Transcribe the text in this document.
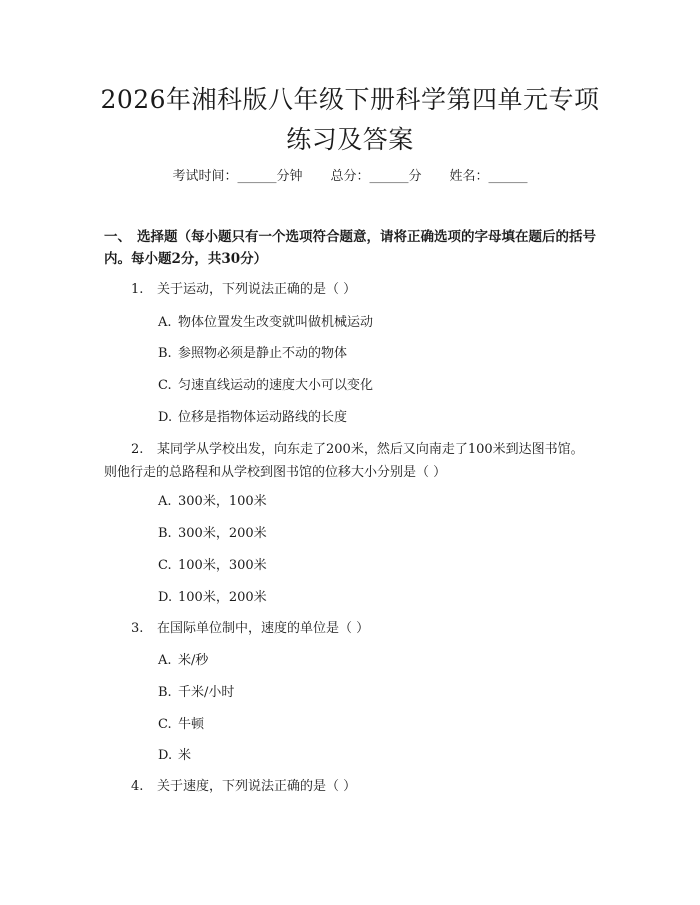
2026年湘科版八年级下册科学第四单元专项
练习及答案
考试时间：______分钟 总分：______分 姓名：______
一、 选择题（每小题只有一个选项符合题意，请将正确选项的字母填在题后的括号内。每小题2分，共30分）
1. 关于运动，下列说法正确的是（ ）
A. 物体位置发生改变就叫做机械运动
B. 参照物必须是静止不动的物体
C. 匀速直线运动的速度大小可以变化
D. 位移是指物体运动路线的长度
2. 某同学从学校出发，向东走了200米，然后又向南走了100米到达图书馆。则他行走的总路程和从学校到图书馆的位移大小分别是（ ）
A. 300米，100米
B. 300米，200米
C. 100米，300米
D. 100米，200米
3. 在国际单位制中，速度的单位是（ ）
A. 米/秒
B. 千米/小时
C. 牛顿
D. 米
4. 关于速度，下列说法正确的是（ ）
